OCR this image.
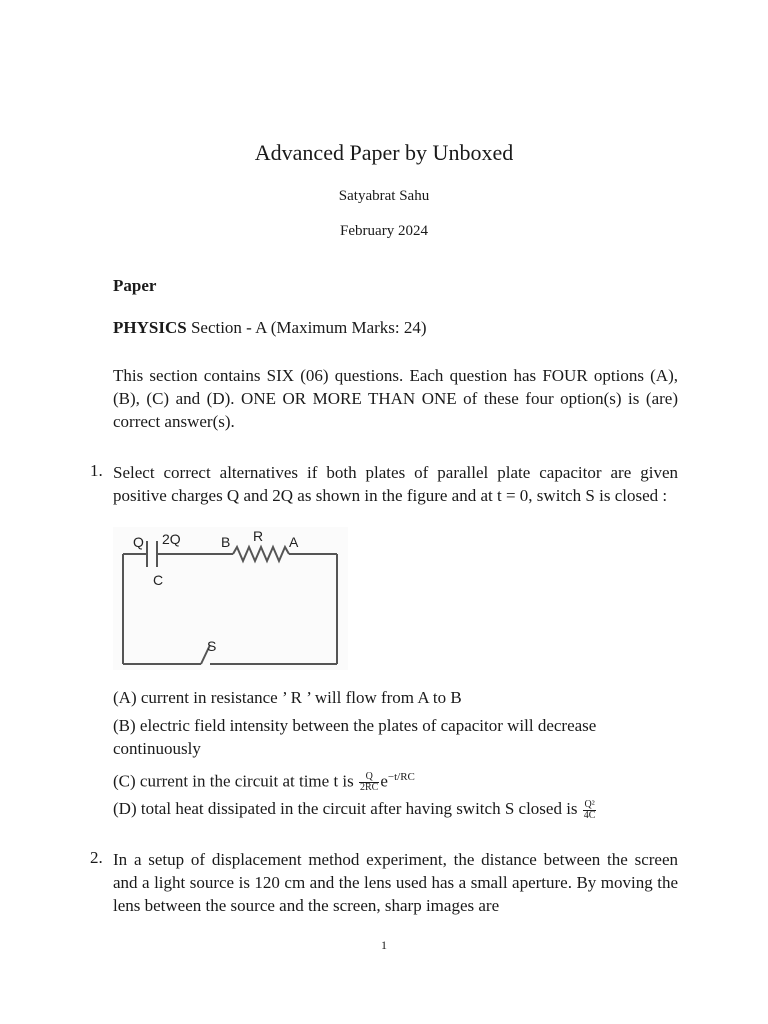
Advanced Paper by Unboxed
Satyabrat Sahu
February 2024
Paper
PHYSICS Section - A (Maximum Marks: 24)
This section contains SIX (06) questions. Each question has FOUR options (A), (B), (C) and (D). ONE OR MORE THAN ONE of these four option(s) is (are) correct answer(s).
1. Select correct alternatives if both plates of parallel plate capacitor are given positive charges Q and 2Q as shown in the figure and at t = 0, switch S is closed :
Q 2Q
C
B R A
S
(A) current in resistance ’ R ’ will flow from A to B
(B) electric field intensity between the plates of capacitor will decrease continuously
(C) current in the circuit at time t is $\frac{Q}{2RC} e^{-t/RC}$
(D) total heat dissipated in the circuit after having switch S closed is $\frac{\text{Q²}}{4C}$
2. In a setup of displacement method experiment, the distance between the screen and a light source is 120 cm and the lens used has a small aperture. By moving the lens between the source and the screen, sharp images are
1
